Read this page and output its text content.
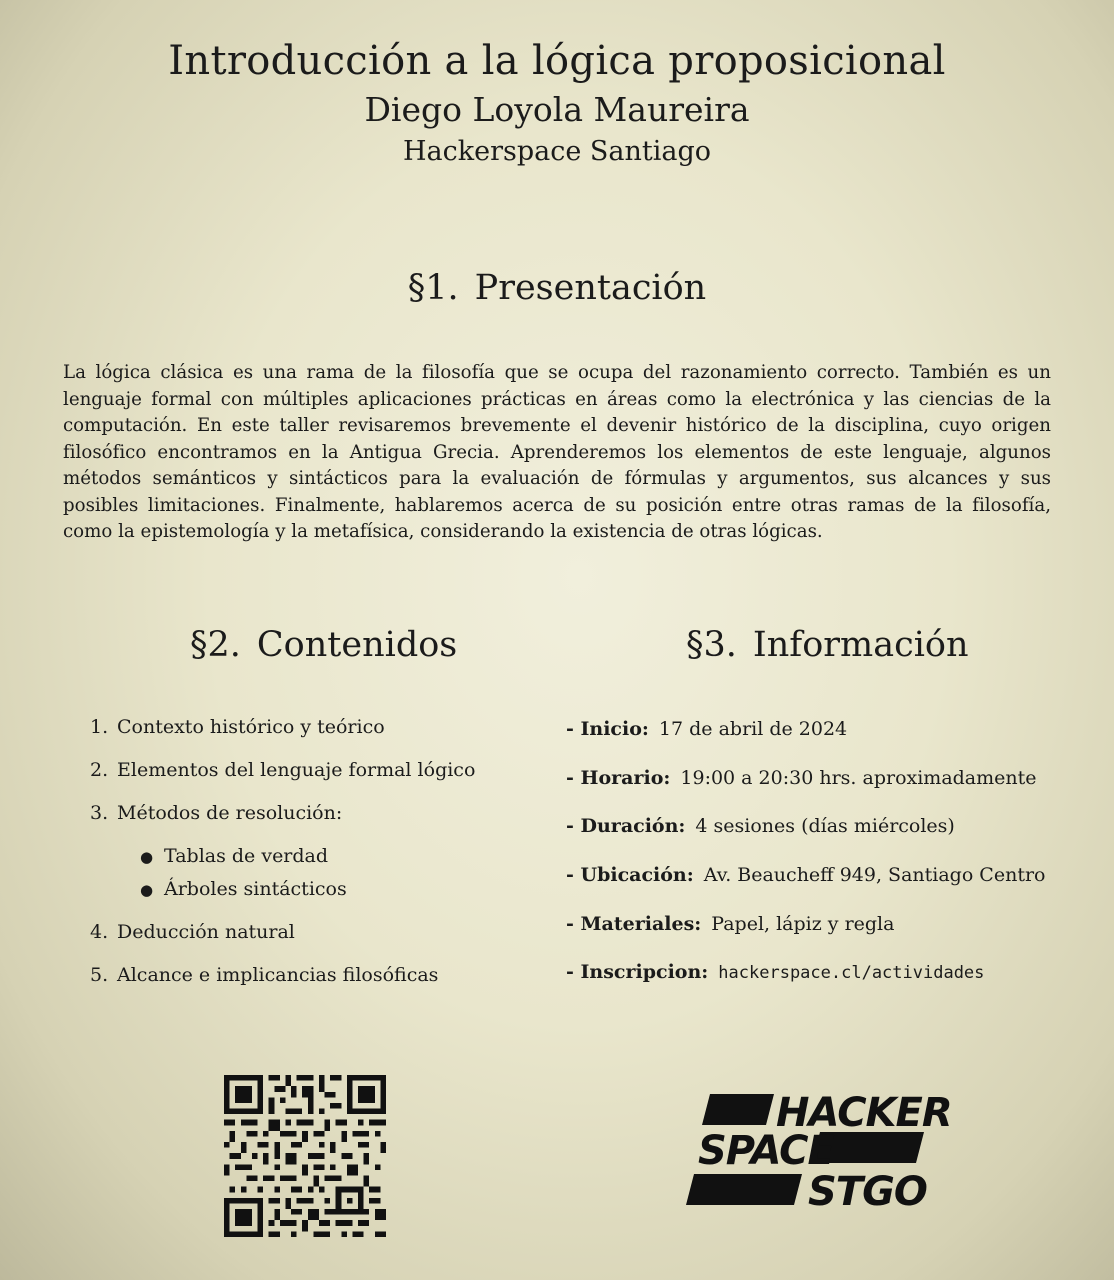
Introducción a la lógica proposicional
Diego Loyola Maureira
Hackerspace Santiago
§1. Presentación
La lógica clásica es una rama de la filosofía que se ocupa del razonamiento correcto. También es un lenguaje formal con múltiples aplicaciones prácticas en áreas como la electrónica y las ciencias de la computación. En este taller revisaremos brevemente el devenir histórico de la disciplina, cuyo origen filosófico encontramos en la Antigua Grecia. Aprenderemos los elementos de este lenguaje, algunos métodos semánticos y sintácticos para la evaluación de fórmulas y argumentos, sus alcances y sus posibles limitaciones. Finalmente, hablaremos acerca de su posición entre otras ramas de la filosofía, como la epistemología y la metafísica, considerando la existencia de otras lógicas.
§2. Contenidos	§3. Información
1. Contexto histórico y teórico
2. Elementos del lenguaje formal lógico
3. Métodos de resolución:
● Tablas de verdad
● Árboles sintácticos
4. Deducción natural
5. Alcance e implicancias filosóficas
- Inicio: 17 de abril de 2024
- Horario: 19:00 a 20:30 hrs. aproximadamente
- Duración: 4 sesiones (días miércoles)
- Ubicación: Av. Beaucheff 949, Santiago Centro
- Materiales: Papel, lápiz y regla
- Inscripcion: hackerspace.cl/actividades
HACKER
SPACE
STGO
